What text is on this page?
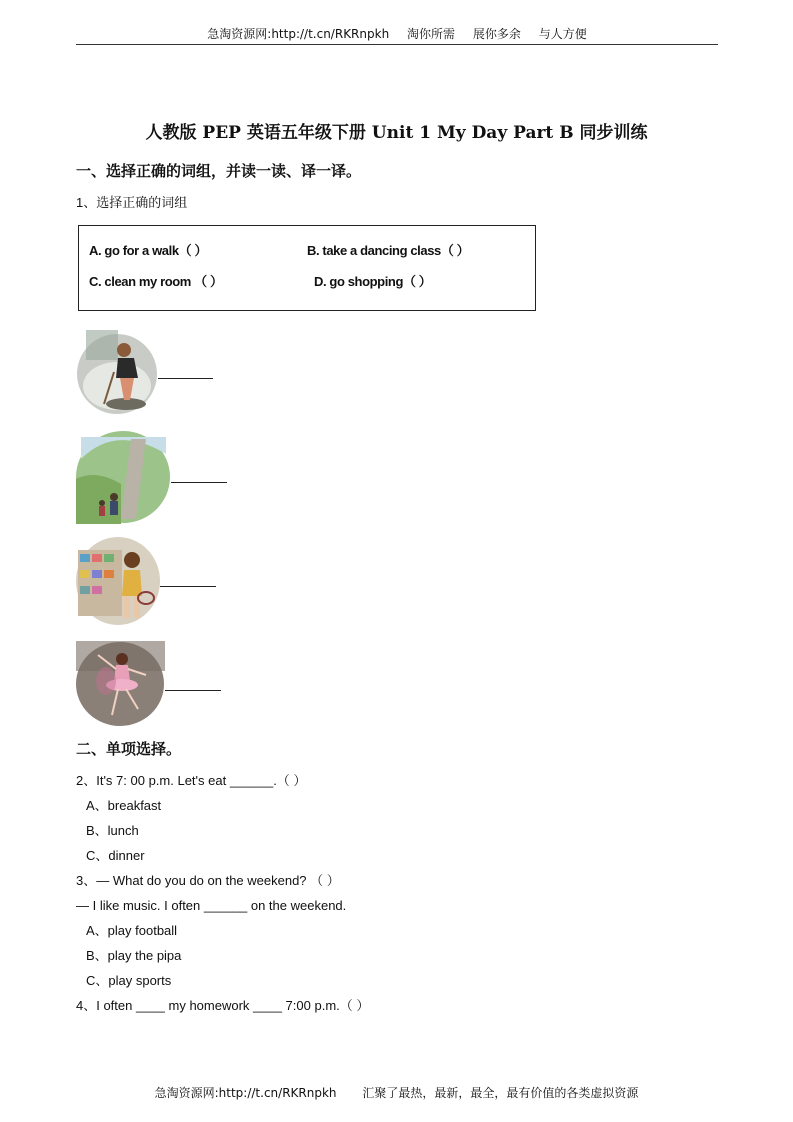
急淘资源网:http://t.cn/RKRnpkh 淘你所需 展你多余 与人方便
人教版 PEP 英语五年级下册 Unit 1 My Day Part B 同步训练
一、选择正确的词组，并读一读、译一译。
1、选择正确的词组
A. go for a walk（ ）	B. take a dancing class（ ）
C. clean my room （ ）	D. go shopping（ ）
二、单项选择。
2、It's 7: 00 p.m. Let's eat ______.（ ）
A、breakfast
B、lunch
C、dinner
3、— What do you do on the weekend? （ ）
— I like music. I often ______ on the weekend.
A、play football
B、play the pipa
C、play sports
4、I often ____ my homework ____ 7:00 p.m.（ ）
急淘资源网:http://t.cn/RKRnpkh 汇聚了最热，最新，最全，最有价值的各类虚拟资源
